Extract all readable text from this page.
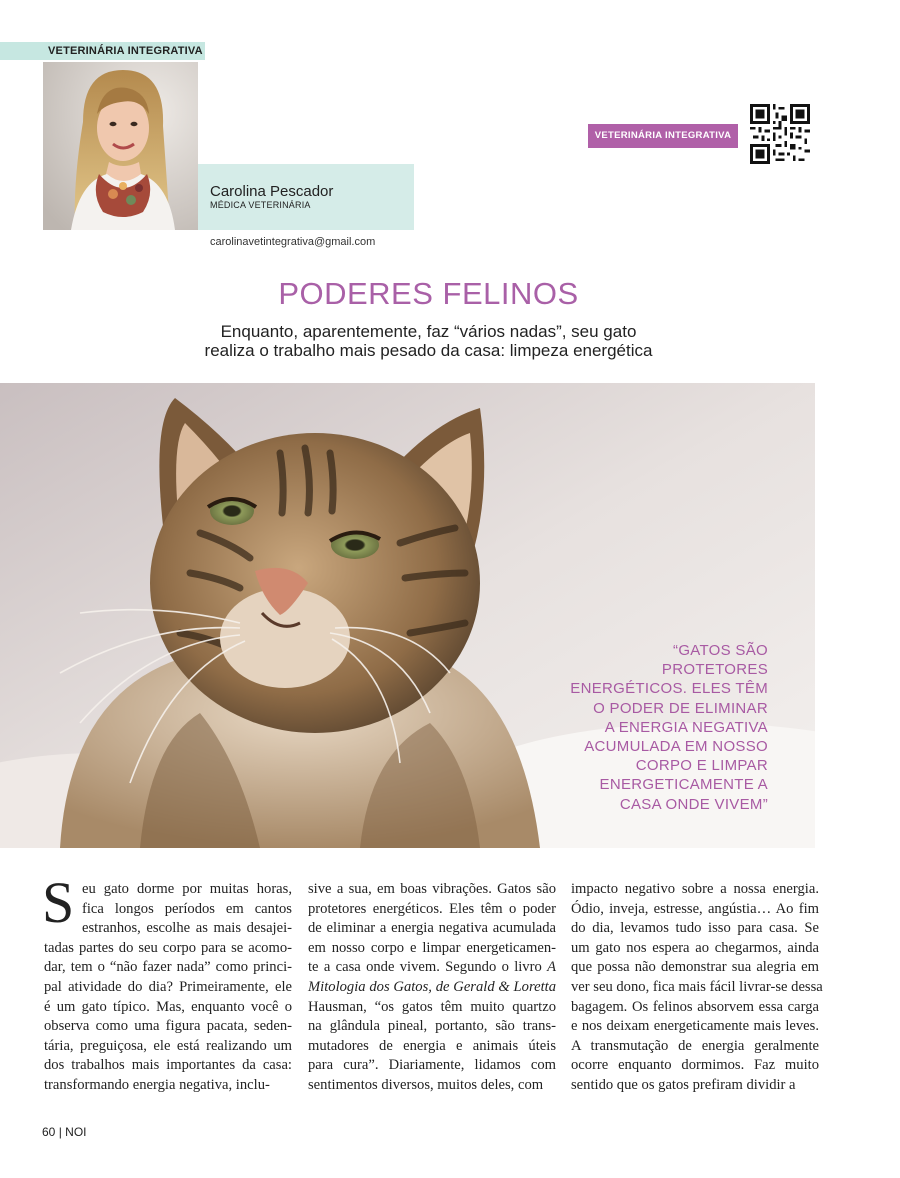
VETERINÁRIA INTEGRATIVA
Carolina Pescador
MÉDICA VETERINÁRIA
carolinavetintegrativa@gmail.com
VETERINÁRIA INTEGRATIVA
PODERES FELINOS
Enquanto, aparentemente, faz “vários nadas”, seu gato
realiza o trabalho mais pesado da casa: limpeza energética
“GATOS SÃO
PROTETORES
ENERGÉTICOS. ELES TÊM
O PODER DE ELIMINAR
A ENERGIA NEGATIVA
ACUMULADA EM NOSSO
CORPO E LIMPAR
ENERGETICAMENTE A
CASA ONDE VIVEM”
S eu gato dorme por muitas horas,
fica longos períodos em cantos
estranhos, escolhe as mais desajei-
tadas partes do seu corpo para se acomo-
dar, tem o “não fazer nada” como princi-
pal atividade do dia? Primeiramente, ele
é um gato típico. Mas, enquanto você o
observa como uma figura pacata, seden-
tária, preguiçosa, ele está realizando um
dos trabalhos mais importantes da casa:
transformando energia negativa, inclu-
sive a sua, em boas vibrações. Gatos são
protetores energéticos. Eles têm o poder
de eliminar a energia negativa acumulada
em nosso corpo e limpar energeticamen-
te a casa onde vivem. Segundo o livro A
Mitologia dos Gatos, de Gerald & Loretta
Hausman, “os gatos têm muito quartzo
na glândula pineal, portanto, são trans-
mutadores de energia e animais úteis
para cura”. Diariamente, lidamos com
sentimentos diversos, muitos deles, com
impacto negativo sobre a nossa energia.
Ódio, inveja, estresse, angústia… Ao fim
do dia, levamos tudo isso para casa. Se
um gato nos espera ao chegarmos, ainda
que possa não demonstrar sua alegria em
ver seu dono, fica mais fácil livrar-se dessa
bagagem. Os felinos absorvem essa carga
e nos deixam energeticamente mais leves.
A transmutação de energia geralmente
ocorre enquanto dormimos. Faz muito
sentido que os gatos prefiram dividir a
60 | NOI
